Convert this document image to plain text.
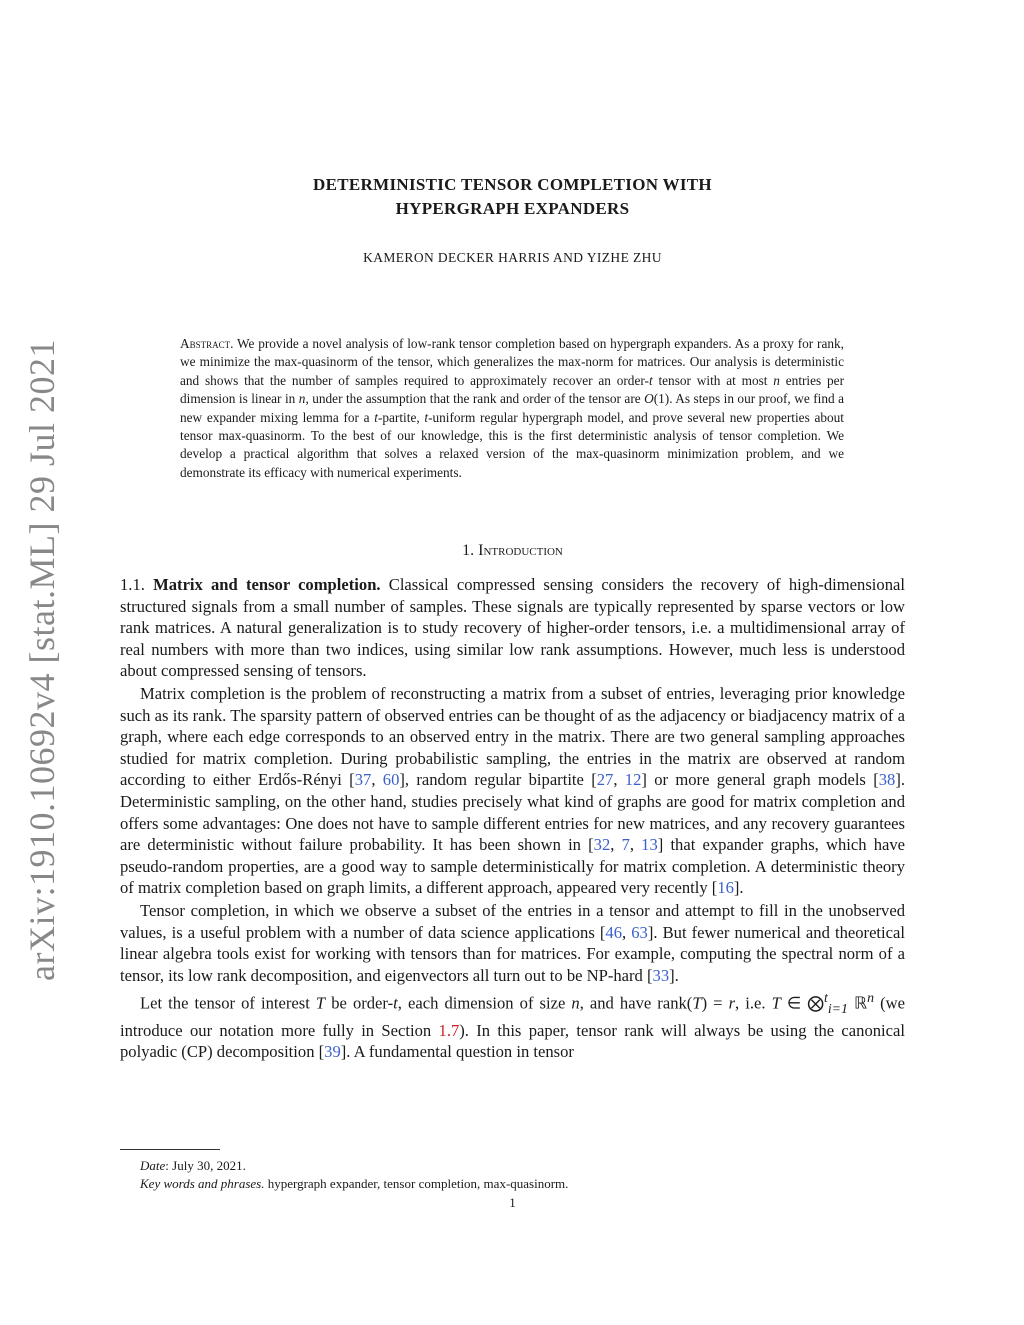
arXiv:1910.10692v4 [stat.ML] 29 Jul 2021
DETERMINISTIC TENSOR COMPLETION WITH
HYPERGRAPH EXPANDERS
KAMERON DECKER HARRIS AND YIZHE ZHU
Abstract. We provide a novel analysis of low-rank tensor completion based on hypergraph expanders. As a proxy for rank, we minimize the max-quasinorm of the tensor, which generalizes the max-norm for matrices. Our analysis is deterministic and shows that the number of samples required to approximately recover an order-t tensor with at most n entries per dimension is linear in n, under the assumption that the rank and order of the tensor are O(1). As steps in our proof, we find a new expander mixing lemma for a t-partite, t-uniform regular hypergraph model, and prove several new properties about tensor max-quasinorm. To the best of our knowledge, this is the first deterministic analysis of tensor completion. We develop a practical algorithm that solves a relaxed version of the max-quasinorm minimization problem, and we demonstrate its efficacy with numerical experiments.
1. Introduction

1.1. Matrix and tensor completion. Classical compressed sensing considers the recovery of high-dimensional structured signals from a small number of samples. These signals are typically represented by sparse vectors or low rank matrices. A natural generalization is to study recovery of higher-order tensors, i.e. a multidimensional array of real numbers with more than two indices, using similar low rank assumptions. However, much less is understood about compressed sensing of tensors.

Matrix completion is the problem of reconstructing a matrix from a subset of entries, leveraging prior knowledge such as its rank. The sparsity pattern of observed entries can be thought of as the adjacency or biadjacency matrix of a graph, where each edge corresponds to an observed entry in the matrix. There are two general sampling approaches studied for matrix completion. During probabilistic sampling, the entries in the matrix are observed at random according to either Erdős-Rényi [37, 60], random regular bipartite [27, 12] or more general graph models [38]. Deterministic sampling, on the other hand, studies precisely what kind of graphs are good for matrix completion and offers some advantages: One does not have to sample different entries for new matrices, and any recovery guarantees are deterministic without failure probability. It has been shown in [32, 7, 13] that expander graphs, which have pseudo-random properties, are a good way to sample deterministically for matrix completion. A deterministic theory of matrix completion based on graph limits, a different approach, appeared very recently [16].

Tensor completion, in which we observe a subset of the entries in a tensor and attempt to fill in the unobserved values, is a useful problem with a number of data science applications [46, 63]. But fewer numerical and theoretical linear algebra tools exist for working with tensors than for matrices. For example, computing the spectral norm of a tensor, its low rank decomposition, and eigenvectors all turn out to be NP-hard [33].

Let the tensor of interest T be order-t, each dimension of size n, and have rank(T) = r, i.e. T ∈ ⨂$^t_{i=1}$ ℝ$^n$ (we introduce our notation more fully in Section 1.7). In this paper, tensor rank will always be using the canonical polyadic (CP) decomposition [39]. A fundamental question in tensor

Date: July 30, 2021.

Key words and phrases. hypergraph expander, tensor completion, max-quasinorm.

1
